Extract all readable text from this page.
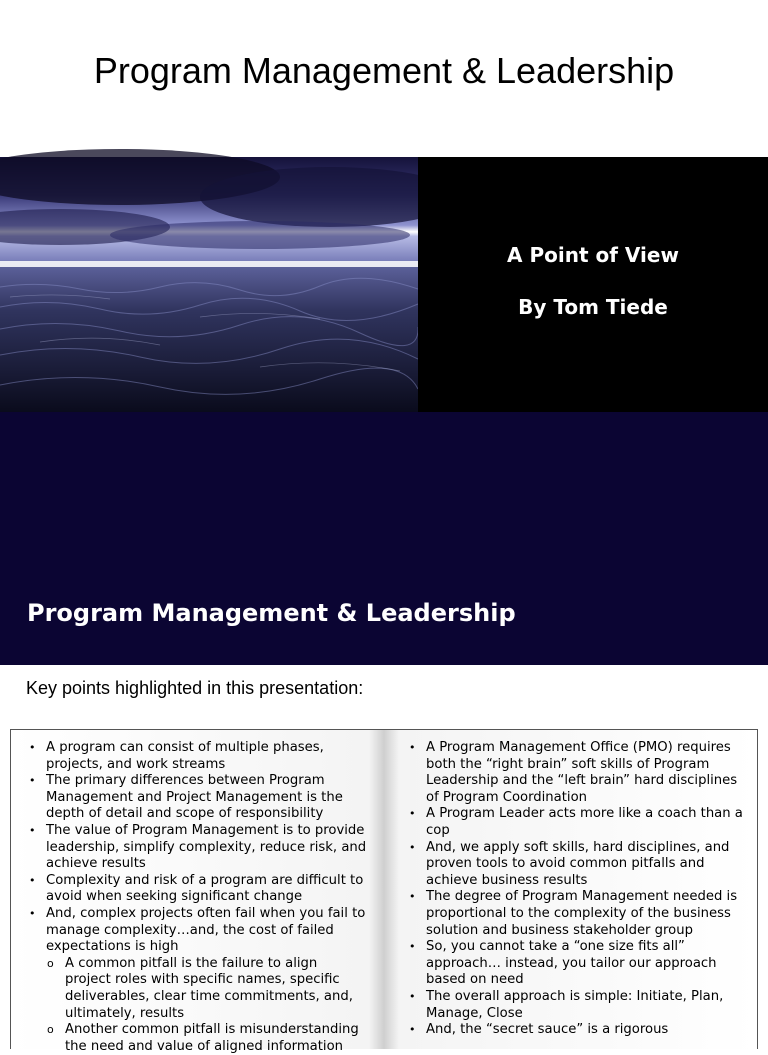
Program Management & Leadership
A Point of View
By Tom Tiede
Program Management & Leadership
Key points highlighted in this presentation:
• A program can consist of multiple phases, projects, and work streams
• The primary differences between Program Management and Project Management is the depth of detail and scope of responsibility
• The value of Program Management is to provide leadership, simplify complexity, reduce risk, and achieve results
• Complexity and risk of a program are difficult to avoid when seeking significant change
• And, complex projects often fail when you fail to manage complexity…and, the cost of failed expectations is high
o A common pitfall is the failure to align project roles with specific names, specific deliverables, clear time commitments, and, ultimately, results
o Another common pitfall is misunderstanding the need and value of aligned information
• A Program Management Office (PMO) requires both the “right brain” soft skills of Program Leadership and the “left brain” hard disciplines of Program Coordination
• A Program Leader acts more like a coach than a cop
• And, we apply soft skills, hard disciplines, and proven tools to avoid common pitfalls and achieve business results
• The degree of Program Management needed is proportional to the complexity of the business solution and business stakeholder group
• So, you cannot take a “one size fits all” approach… instead, you tailor our approach based on need
• The overall approach is simple: Initiate, Plan, Manage, Close
• And, the “secret sauce” is a rigorous
